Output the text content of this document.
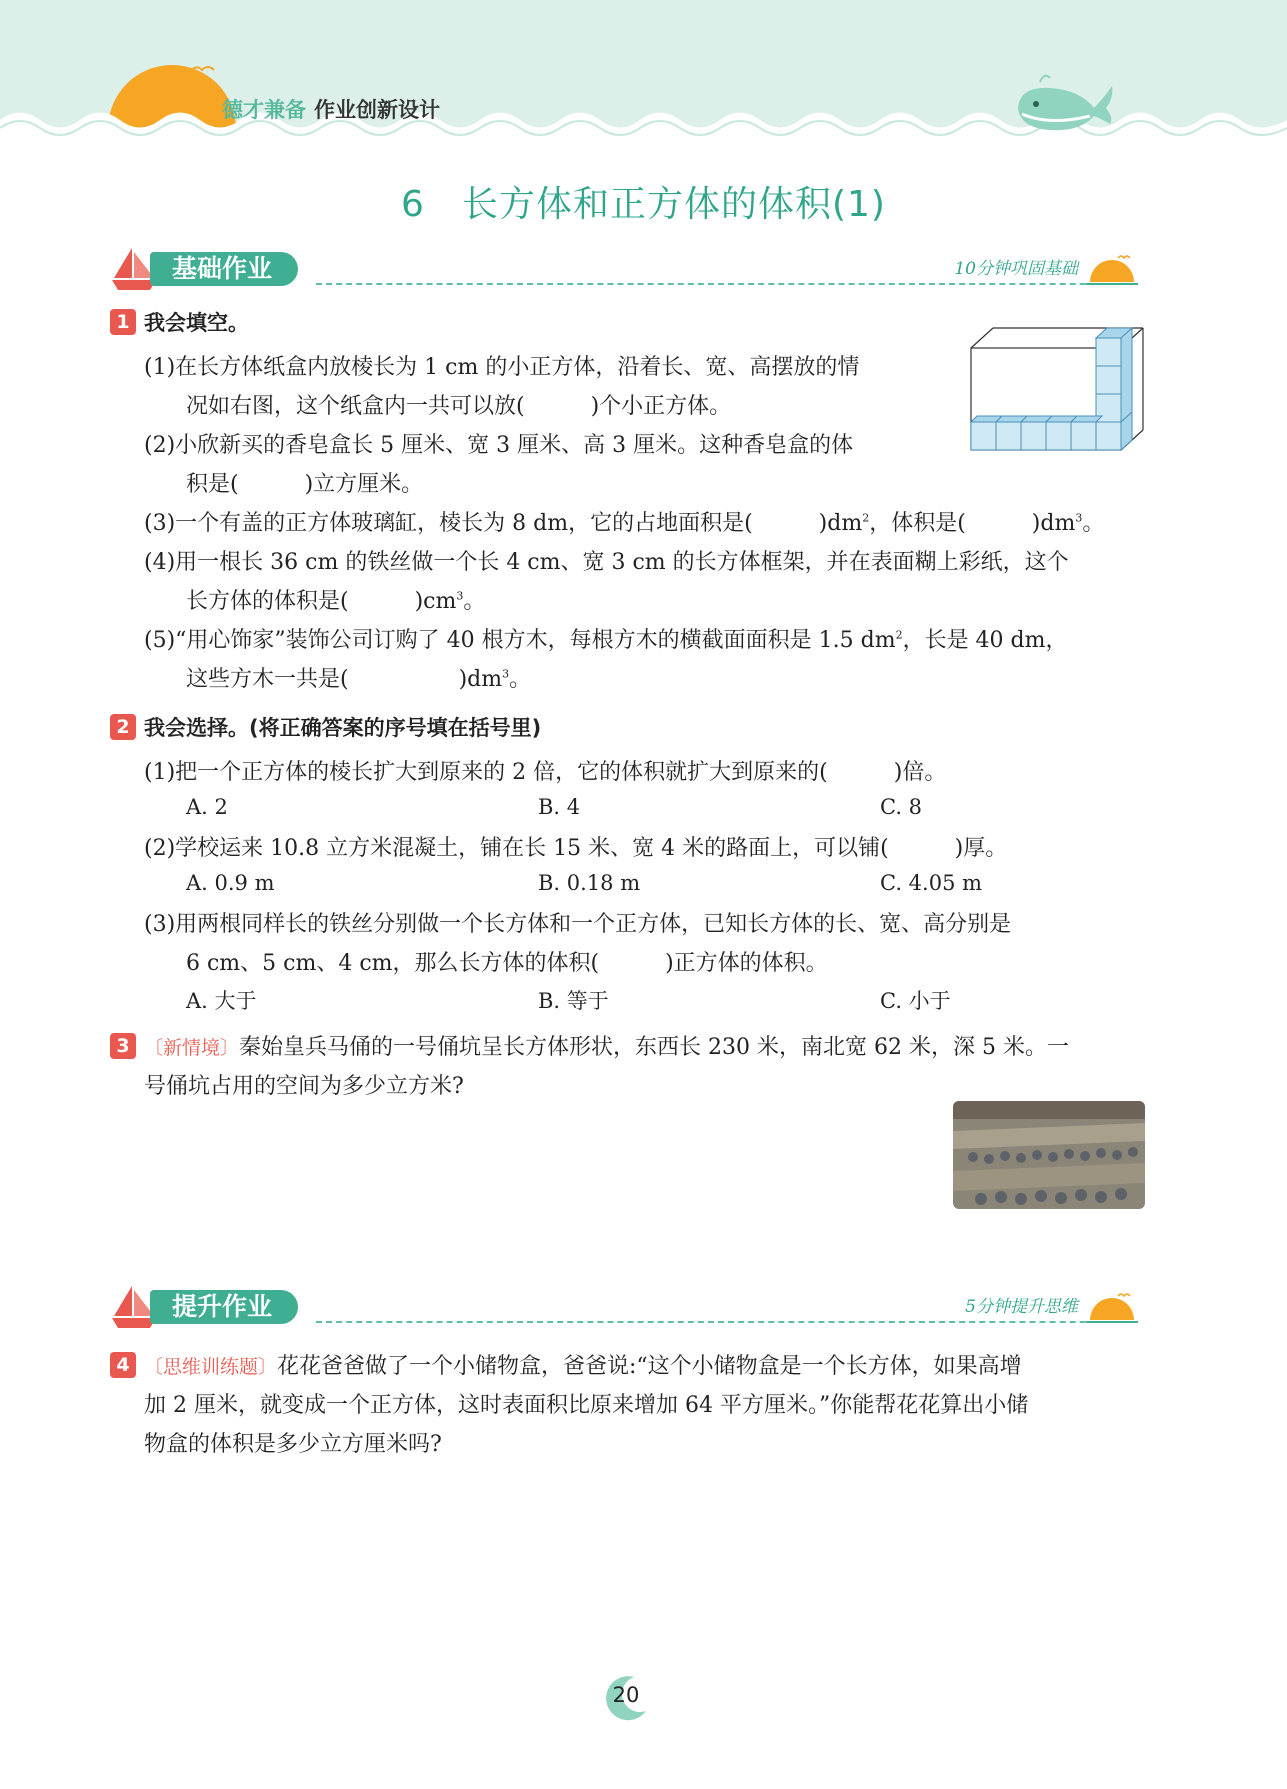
德才兼备 作业创新设计
6　长方体和正方体的体积(1)
基础作业	10分钟巩固基础
1 我会填空。
(1)在长方体纸盒内放棱长为 1 cm 的小正方体，沿着长、宽、高摆放的情
况如右图，这个纸盒内一共可以放(　　　)个小正方体。
(2)小欣新买的香皂盒长 5 厘米、宽 3 厘米、高 3 厘米。这种香皂盒的体
积是(　　　)立方厘米。
(3)一个有盖的正方体玻璃缸，棱长为 8 dm，它的占地面积是(　　　)$dm^2$，体积是(　　　)$dm^3$。
(4)用一根长 36 cm 的铁丝做一个长 4 cm、宽 3 cm 的长方体框架，并在表面糊上彩纸，这个
长方体的体积是(　　　)$cm^3$。
(5)“用心饰家”装饰公司订购了 40 根方木，每根方木的横截面面积是 1.5 $dm^2$，长是 40 dm，
这些方木一共是(　　　　　)$dm^3$。
2 我会选择。(将正确答案的序号填在括号里)
(1)把一个正方体的棱长扩大到原来的 2 倍，它的体积就扩大到原来的(　　　)倍。
A. 2	B. 4	C. 8
(2)学校运来 10.8 立方米混凝土，铺在长 15 米、宽 4 米的路面上，可以铺(　　　)厚。
A. 0.9 m	B. 0.18 m	C. 4.05 m
(3)用两根同样长的铁丝分别做一个长方体和一个正方体，已知长方体的长、宽、高分别是
6 cm、5 cm、4 cm，那么长方体的体积(　　　)正方体的体积。
A. 大于	B. 等于	C. 小于
3 〔新情境〕秦始皇兵马俑的一号俑坑呈长方体形状，东西长 230 米，南北宽 62 米，深 5 米。一
号俑坑占用的空间为多少立方米?
提升作业	5分钟提升思维
4 〔思维训练题〕花花爸爸做了一个小储物盒，爸爸说:“这个小储物盒是一个长方体，如果高增
加 2 厘米，就变成一个正方体，这时表面积比原来增加 64 平方厘米。”你能帮花花算出小储
物盒的体积是多少立方厘米吗?
20
